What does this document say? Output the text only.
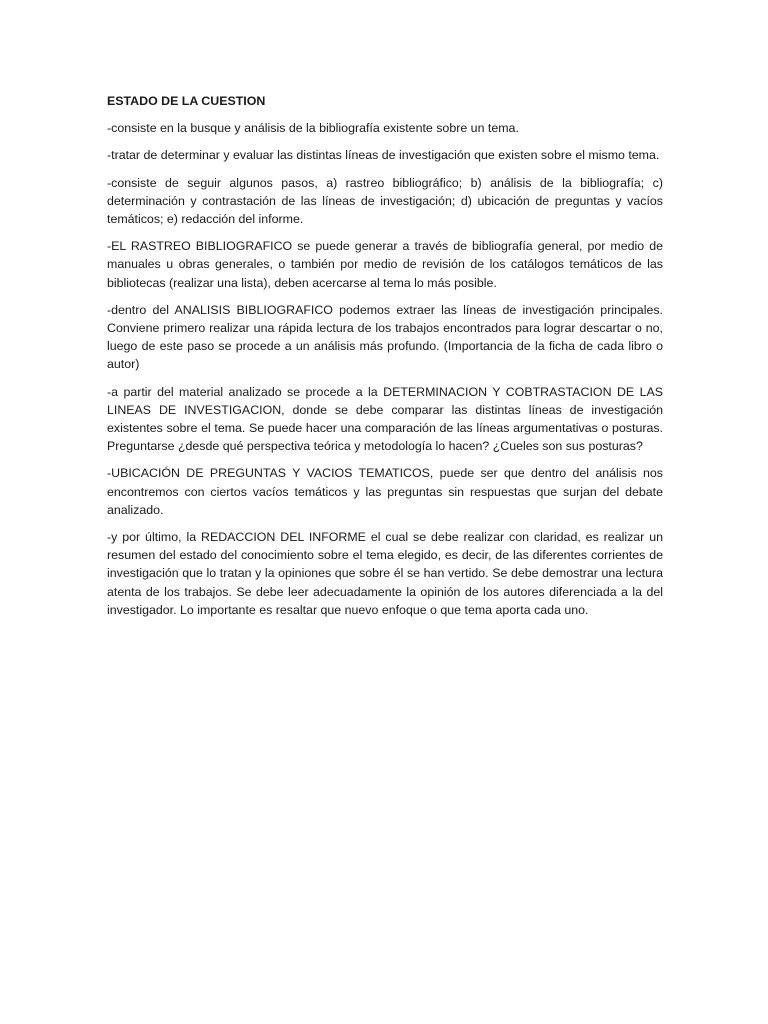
ESTADO DE LA CUESTION

-consiste en la busque y análisis de la bibliografía existente sobre un tema.

-tratar de determinar y evaluar las distintas líneas de investigación que existen sobre el mismo tema.

-consiste de seguir algunos pasos, a) rastreo bibliográfico; b) análisis de la bibliografía; c) determinación y contrastación de las líneas de investigación; d) ubicación de preguntas y vacíos temáticos; e) redacción del informe.

-EL RASTREO BIBLIOGRAFICO se puede generar a través de bibliografía general, por medio de manuales u obras generales, o también por medio de revisión de los catálogos temáticos de las bibliotecas (realizar una lista), deben acercarse al tema lo más posible.

-dentro del ANALISIS BIBLIOGRAFICO podemos extraer las líneas de investigación principales. Conviene primero realizar una rápida lectura de los trabajos encontrados para lograr descartar o no, luego de este paso se procede a un análisis más profundo. (Importancia de la ficha de cada libro o autor)

-a partir del material analizado se procede a la DETERMINACION Y COBTRASTACION DE LAS LINEAS DE INVESTIGACION, donde se debe comparar las distintas líneas de investigación existentes sobre el tema. Se puede hacer una comparación de las líneas argumentativas o posturas. Preguntarse ¿desde qué perspectiva teórica y metodología lo hacen? ¿Cueles son sus posturas?

-UBICACIÓN DE PREGUNTAS Y VACIOS TEMATICOS, puede ser que dentro del análisis nos encontremos con ciertos vacíos temáticos y las preguntas sin respuestas que surjan del debate analizado.

-y por último, la REDACCION DEL INFORME el cual se debe realizar con claridad, es realizar un resumen del estado del conocimiento sobre el tema elegido, es decir, de las diferentes corrientes de investigación que lo tratan y la opiniones que sobre él se han vertido. Se debe demostrar una lectura atenta de los trabajos. Se debe leer adecuadamente la opinión de los autores diferenciada a la del investigador. Lo importante es resaltar que nuevo enfoque o que tema aporta cada uno.
